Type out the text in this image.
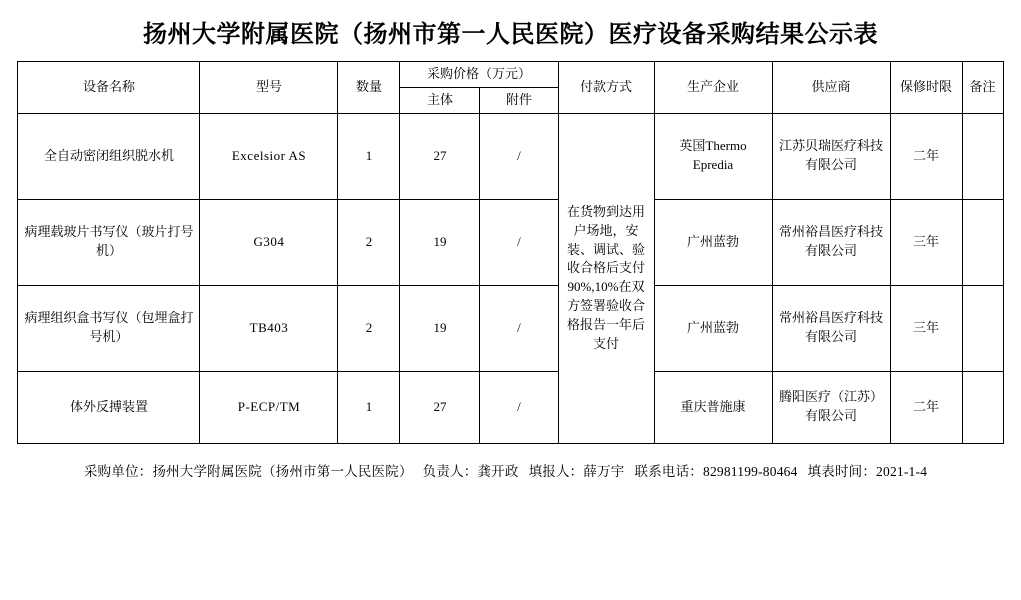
扬州大学附属医院（扬州市第一人民医院）医疗设备采购结果公示表
设备名称	型号	数量	采购价格（万元）		付款方式	生产企业	供应商	保修时限	备注
			主体	附件					
全自动密闭组织脱水机	Excelsior AS	1	27	/	在货物到达用户场地，安装、调试、验收合格后支付90%,10%在双方签署验收合格报告一年后支付	英国Thermo Epredia	江苏贝瑞医疗科技有限公司	二年	
病理载玻片书写仪（玻片打号机）	G304	2	19	/		广州蓝勃	常州裕昌医疗科技有限公司	三年	
病理组织盒书写仪（包埋盒打号机）	TB403	2	19	/		广州蓝勃	常州裕昌医疗科技有限公司	三年	
体外反搏装置	P-ECP/TM	1	27	/		重庆普施康	腾阳医疗（江苏）有限公司	二年	
采购单位：扬州大学附属医院（扬州市第一人民医院） 负责人：龚开政 填报人：薛万宇 联系电话：82981199-80464 填表时间：2021-1-4
